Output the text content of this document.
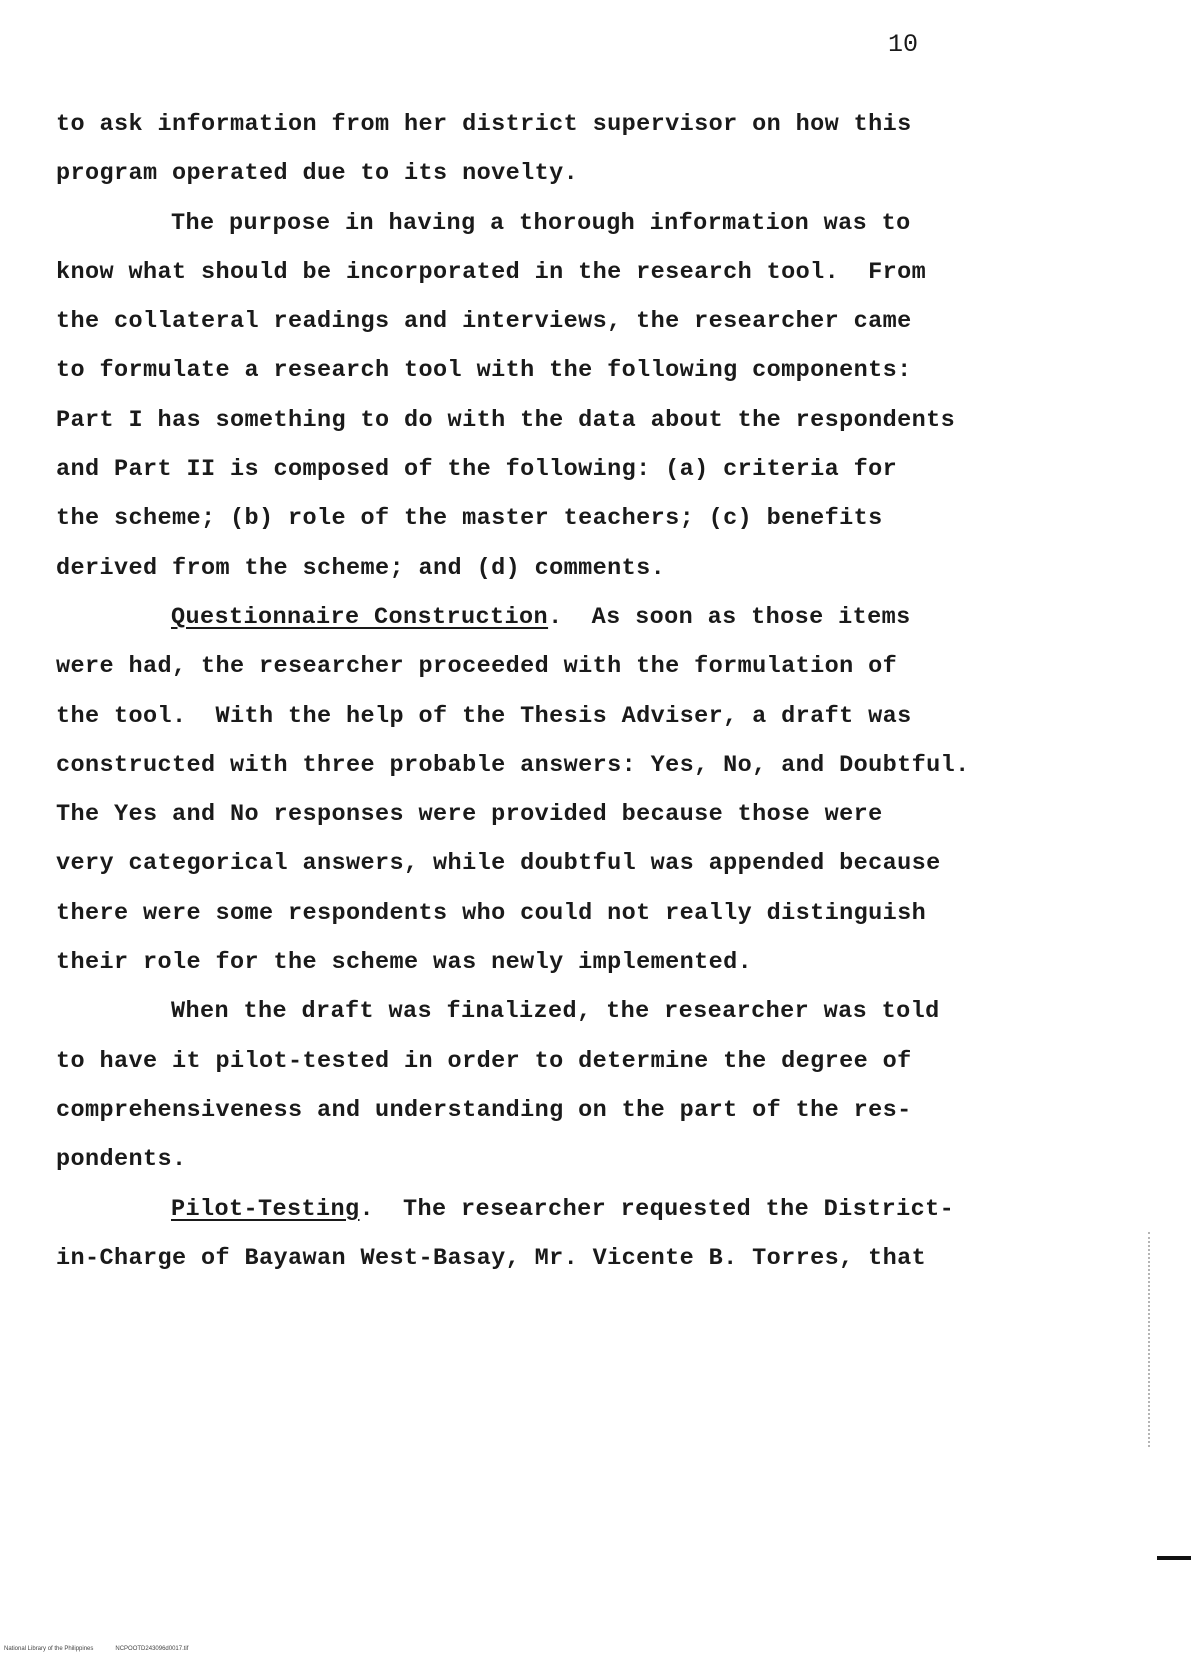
10
to ask information from her district supervisor on how this
program operated due to its novelty.
The purpose in having a thorough information was to
know what should be incorporated in the research tool.  From
the collateral readings and interviews, the researcher came
to formulate a research tool with the following components:
Part I has something to do with the data about the respondents
and Part II is composed of the following: (a) criteria for
the scheme; (b) role of the master teachers; (c) benefits
derived from the scheme; and (d) comments.
Questionnaire Construction.  As soon as those items
were had, the researcher proceeded with the formulation of
the tool.  With the help of the Thesis Adviser, a draft was
constructed with three probable answers: Yes, No, and Doubtful.
The Yes and No responses were provided because those were
very categorical answers, while doubtful was appended because
there were some respondents who could not really distinguish
their role for the scheme was newly implemented.
When the draft was finalized, the researcher was told
to have it pilot-tested in order to determine the degree of
comprehensiveness and understanding on the part of the res-
pondents.
Pilot-Testing.  The researcher requested the District-
in-Charge of Bayawan West-Basay, Mr. Vicente B. Torres, that
National Library of the Philippines	NCPOOTD243096d0017.tif
